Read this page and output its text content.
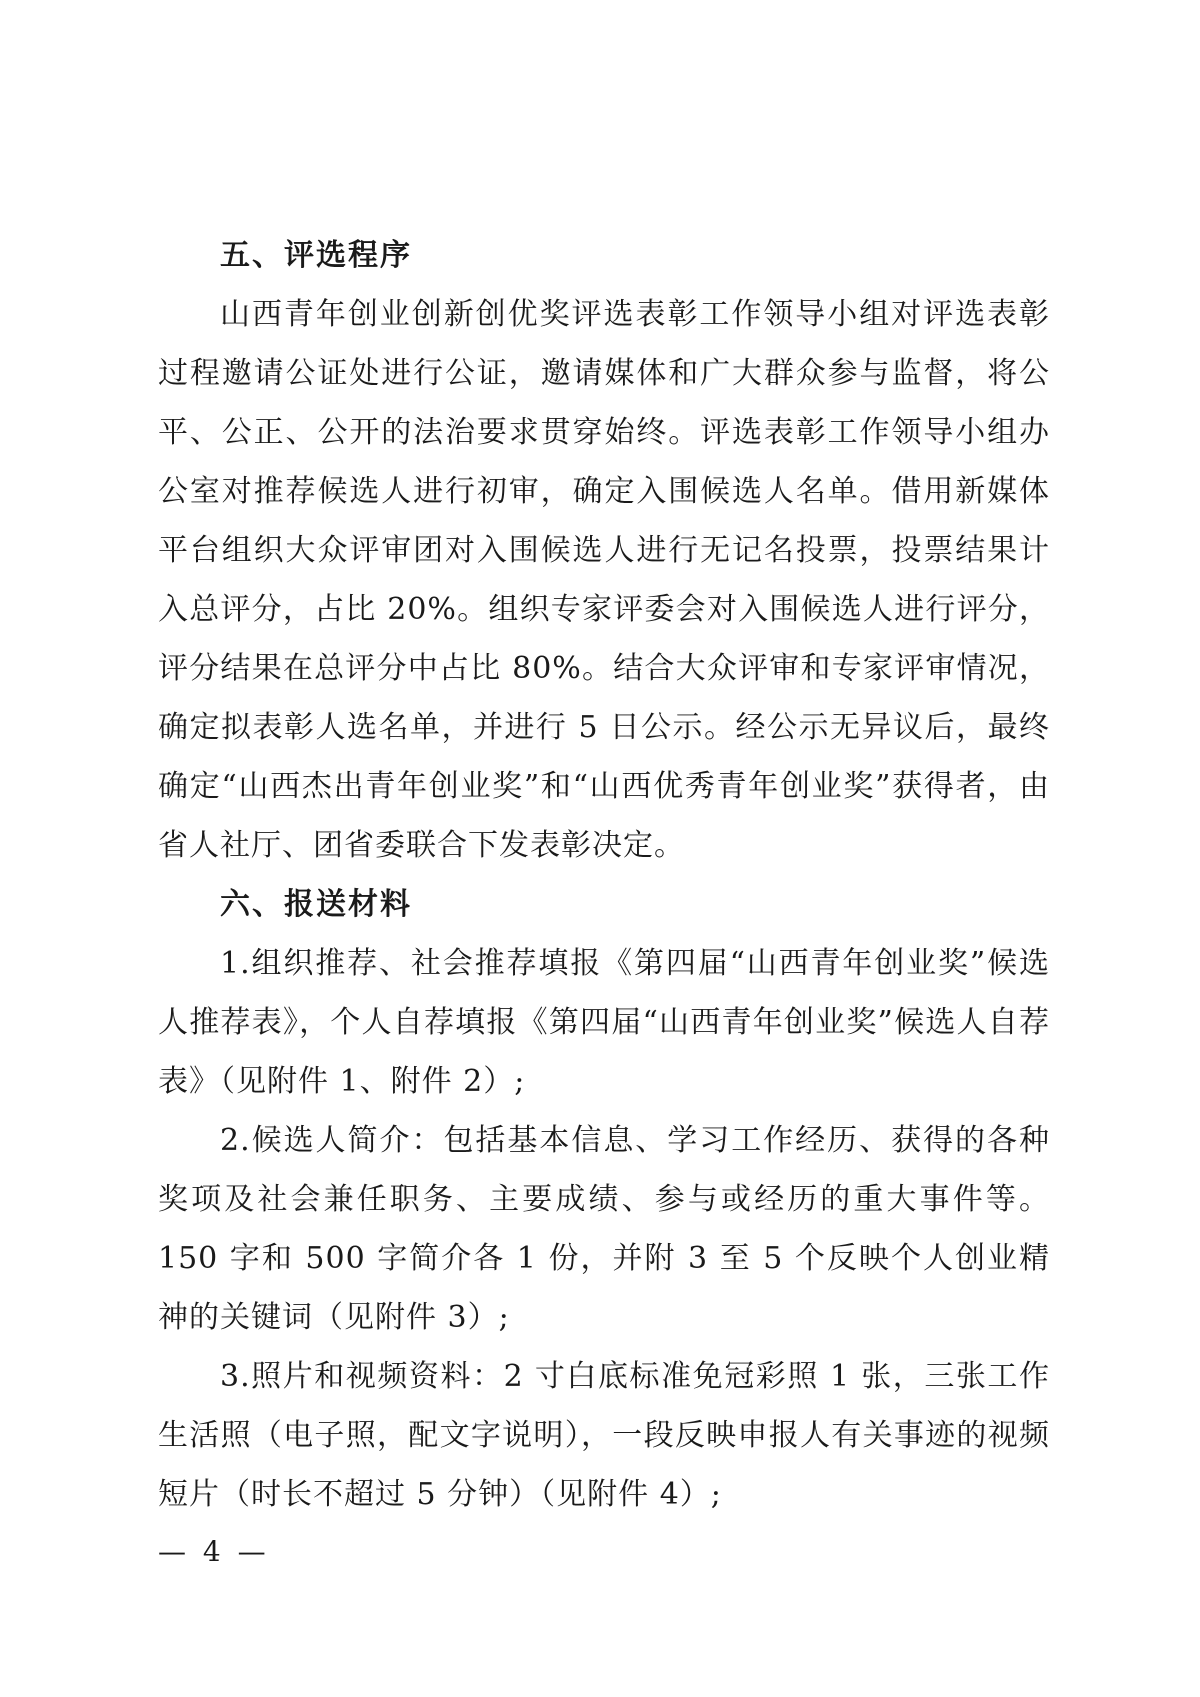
五、评选程序

山西青年创业创新创优奖评选表彰工作领导小组对评选表彰过程邀请公证处进行公证，邀请媒体和广大群众参与监督，将公平、公正、公开的法治要求贯穿始终。评选表彰工作领导小组办公室对推荐候选人进行初审，确定入围候选人名单。借用新媒体平台组织大众评审团对入围候选人进行无记名投票，投票结果计入总评分，占比 20%。组织专家评委会对入围候选人进行评分，评分结果在总评分中占比 80%。结合大众评审和专家评审情况，确定拟表彰人选名单，并进行 5 日公示。经公示无异议后，最终确定“山西杰出青年创业奖”和“山西优秀青年创业奖”获得者，由省人社厅、团省委联合下发表彰决定。

六、报送材料

1.组织推荐、社会推荐填报《第四届“山西青年创业奖”候选人推荐表》，个人自荐填报《第四届“山西青年创业奖”候选人自荐表》（见附件 1、附件 2）;

2.候选人简介：包括基本信息、学习工作经历、获得的各种奖项及社会兼任职务、主要成绩、参与或经历的重大事件等。150 字和 500 字简介各 1 份，并附 3 至 5 个反映个人创业精神的关键词（见附件 3）;

3.照片和视频资料：2 寸白底标准免冠彩照 1 张，三张工作生活照（电子照，配文字说明），一段反映申报人有关事迹的视频短片（时长不超过 5 分钟）（见附件 4）;

— 4 —
